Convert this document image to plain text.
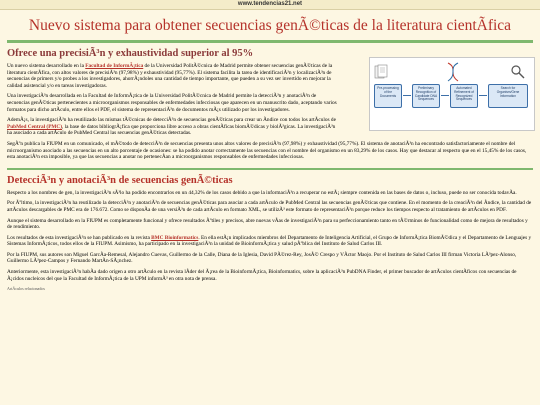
www.tendencias21.net
Nuevo sistema para obtener secuencias genÃ©ticas de la literatura cientÃfica
Ofrece una precisiÃ³n y exhaustividad superior al 95%

Un nuevo sistema desarrollado en la Facultad de InformÃ¡tica de la Universidad PolitÃ©cnica de Madrid permite obtener secuencias genÃ©ticas de la literatura cientÃfica, con altos valores de precisiÃ³n (97,98%) y exhaustividad (95,77%). El sistema facilita la tarea de identificaciÃ³n y localizaciÃ³n de secuencias de primers y/o probes a los investigadores, ahorrÃ¡ndoles una cantidad de tiempo importante, que pueden a su vez ser invertido en mejorar la calidad asistencial y/o en tareas investigadoras.

Una investigaciÃ³n desarrollada en la Facultad de InformÃ¡tica de la Universidad PolitÃ©cnica de Madrid permite la detecciÃ³n y anotaciÃ³n de secuencias genÃ©ticas pertenecientes a microorganismos responsables de enfermedades infecciosas que aparecen en un manuscrito dado, aceptando varios formatos para dicho artÃculo, entre ellos el PDF, el sistema de representaciÃ³n de documentos mÃ¡s utilizado por los investigadores.

AdemÃ¡s, la investigaciÃ³n ha reutilizado las mismas tÃ©cnicas de detecciÃ³n de secuencias genÃ©ticas para crear un Ãndice con todos los artÃculos de PubMed Central (PMC), la base de datos bibliogrÃ¡fica que proporciona libre acceso a obras cientÃficas biomÃ©dicas y biolÃ³gicas. La investigaciÃ³n ha asociado a cada artÃculo de PubMed Central las secuencias genÃ©ticas detectadas.

Pre-processing of the Documents
Preliminary Recognition of Candidate DNA Sequences
Automated Refinement of Recognized Sequences
Search for Organism/Gene Information

SegÃºn publica la FIUPM en un comunicado, el mÃ©todo de detecciÃ³n de secuencias presenta unos altos valores de precisiÃ³n (97,98%) y exhaustividad (95,77%). El sistema de anotaciÃ³n ha encontrado satisfactoriamente el nombre del microorganismo asociado a las secuencias en un alto porcentaje de ocasiones: se ha podido anotar correctamente las secuencias con el nombre del organismo en un 83,29% de los casos. Hay que destacar al respecto que en el 15,45% de los casos, esta anotaciÃ³n era imposible, ya que las secuencias a anotar no pertenecÃan a microorganismos responsables de enfermedades infecciosas.

DetecciÃ³n y anotaciÃ³n de secuencias genÃ©ticas

Respecto a los nombres de gen, la investigaciÃ³n sÃ³lo ha podido encontrarlos en un 44,32% de los casos debido a que la informaciÃ³n a recuperar no estÃ¡ siempre contenida en las bases de datos o, incluso, puede no ser conocida todavÃa.

Por Ãºltimo, la investigaciÃ³n ha reutilizado la detecciÃ³n y anotaciÃ³n de secuencias genÃ©ticas para asociar a cada artÃculo de PubMed Central las secuencias genÃ©ticas que contiene. En el momento de la creaciÃ³n del Ãndice, la cantidad de artÃculos descargables de PMC era de 176.672. Como se disponÃa de una versiÃ³n de cada artÃculo en formato XML, se utilizÃ³ este formato de representaciÃ³n porque reduce los tiempos respecto al tratamiento de artÃculos en PDF.

Aunque el sistema desarrollado en la FIUPM es completamente funcional y ofrece resultados Ãºtiles y precisos, abre nuevas vÃas de investigaciÃ³n para su perfeccionamiento tanto en tÃ©rminos de funcionalidad como de mejora de resultados y de rendimiento.

Los resultados de esta investigaciÃ³n se han publicado en la revista BMC Bioinformatics. En ella estÃ¡n implicados miembros del Departamento de Inteligencia Artificial, el Grupo de InformÃ¡tica BiomÃ©dica y el Departamento de Lenguajes y Sistemas InformÃ¡ticos, todos ellos de la FIUPM. Asimismo, ha participado en la investigaciÃ³n la unidad de BioinformÃ¡tica y salud pÃºblica del Instituto de Salud Carlos III.

Por la FIUPM, sus autores son Miguel GarcÃa-Remesal, Alejandro Cuevas, Guillermo de la Calle, Diana de la Iglesia, David PÃ©rez-Rey, JosÃ© Crespo y VÃctor Maojo. Por el Instituto de Salud Carlos III firman Victoria LÃ³pez-Alonso, Guillermo LÃ³pez-Campos y Fernando MartÃn-SÃ¡nchez.

Anteriormente, esta investigaciÃ³n habÃa dado origen a otro artÃculo en la revista lÃder del Ã¡rea de la BioinformÃ¡tica, Bioinformatics, sobre la aplicaciÃ³n PubDNA Finder, el primer buscador de artÃculos cientÃficos con secuencias de Ã¡cidos nucleicos del que la Facultad de InformÃ¡tica de la UPM informÃ³ en otra nota de prensa.

ArtÃculos relacionados
